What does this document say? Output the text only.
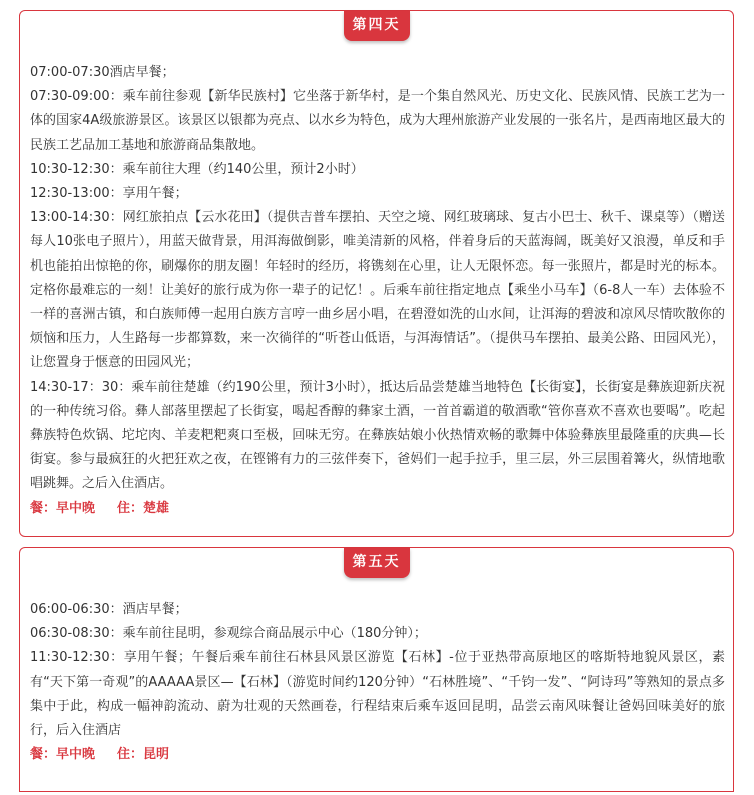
第四天

07:00-07:30酒店早餐；

07:30-09:00：乘车前往参观【新华民族村】它坐落于新华村，是一个集自然风光、历史文化、民族风情、民族工艺为一体的国家4A级旅游景区。该景区以银都为亮点、以水乡为特色，成为大理州旅游产业发展的一张名片，是西南地区最大的民族工艺品加工基地和旅游商品集散地。

10:30-12:30：乘车前往大理（约140公里，预计2小时）

12:30-13:00：享用午餐；

13:00-14:30：网红旅拍点【云水花田】（提供吉普车摆拍、天空之境、网红玻璃球、复古小巴士、秋千、课桌等）（赠送每人10张电子照片），用蓝天做背景，用洱海做倒影，唯美清新的风格，伴着身后的天蓝海阔，既美好又浪漫，单反和手机也能拍出惊艳的你，刷爆你的朋友圈！年轻时的经历，将镌刻在心里，让人无限怀恋。每一张照片，都是时光的标本。定格你最难忘的一刻！让美好的旅行成为你一辈子的记忆！。后乘车前往指定地点【乘坐小马车】（6-8人一车）去体验不一样的喜洲古镇，和白族师傅一起用白族方言哼一曲乡居小唱，在碧澄如洗的山水间，让洱海的碧波和凉风尽情吹散你的烦恼和压力，人生路每一步都算数，来一次徜徉的“听苍山低语，与洱海情话”。（提供马车摆拍、最美公路、田园风光），让您置身于惬意的田园风光；

14:30-17：30：乘车前往楚雄（约190公里，预计3小时），抵达后品尝楚雄当地特色【长街宴】，长街宴是彝族迎新庆祝的一种传统习俗。彝人部落里摆起了长街宴，喝起香醇的彝家土酒，一首首霸道的敬酒歌“管你喜欢不喜欢也要喝”。吃起彝族特色炊锅、坨坨肉、羊麦粑粑爽口至极，回味无穷。在彝族姑娘小伙热情欢畅的歌舞中体验彝族里最隆重的庆典—长街宴。参与最疯狂的火把狂欢之夜，在铿锵有力的三弦伴奏下，爸妈们一起手拉手，里三层，外三层围着篝火，纵情地歌唱跳舞。之后入住酒店。

餐：早中晚 住：楚雄

第五天

06:00-06:30：酒店早餐；

06:30-08:30：乘车前往昆明，参观综合商品展示中心（180分钟）；

11:30-12:30：享用午餐；午餐后乘车前往石林县风景区游览【石林】-位于亚热带高原地区的喀斯特地貌风景区，素有“天下第一奇观”的AAAAA景区—【石林】（游览时间约120分钟）“石林胜境”、“千钧一发”、“阿诗玛”等熟知的景点多集中于此，构成一幅神韵流动、蔚为壮观的天然画卷，行程结束后乘车返回昆明，品尝云南风味餐让爸妈回味美好的旅行，后入住酒店

餐：早中晚 住：昆明
